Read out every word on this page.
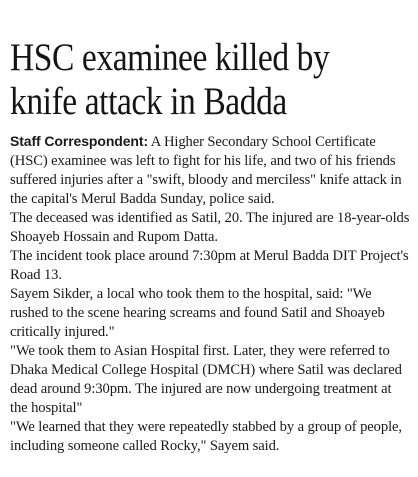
HSC examinee killed by
knife attack in Badda

Staff Correspondent: A Higher Secondary School Certificate (HSC) examinee was left to fight for his life, and two of his friends suffered injuries after a "swift, bloody and merciless" knife attack in the capital's Merul Badda Sunday, police said.

The deceased was identified as Satil, 20. The injured are 18-year-olds Shoayeb Hossain and Rupom Datta.

The incident took place around 7:30pm at Merul Badda DIT Project's Road 13.

Sayem Sikder, a local who took them to the hospital, said: "We rushed to the scene hearing screams and found Satil and Shoayeb critically injured."

"We took them to Asian Hospital first. Later, they were referred to Dhaka Medical College Hospital (DMCH) where Satil was declared dead around 9:30pm. The injured are now undergoing treatment at the hospital"

"We learned that they were repeatedly stabbed by a group of people, including someone called Rocky," Sayem said.
